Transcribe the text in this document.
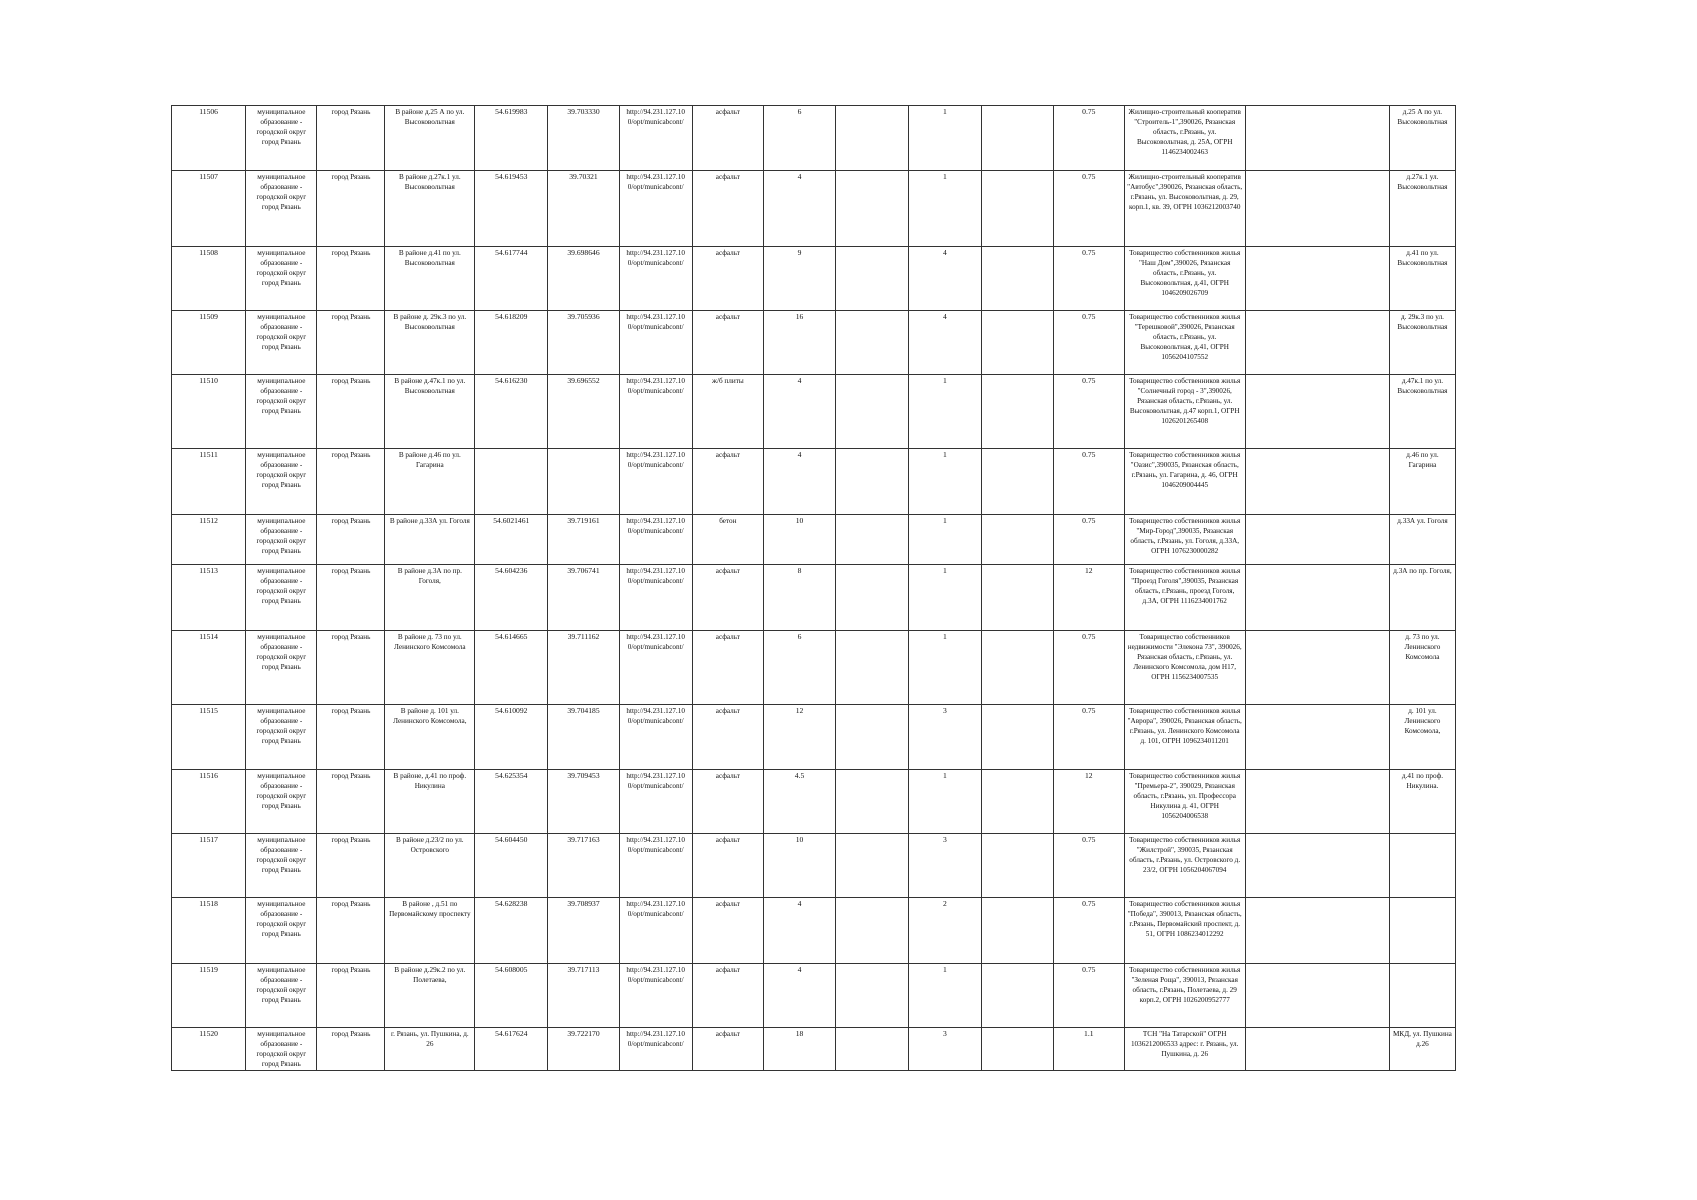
11506	муниципальное образование - городской округ город Рязань	город Рязань	В районе д.25 А по ул. Высоковольтная	54.619983	39.703330	http://94.231.127.10 0/opt/municabcont/	асфальт	6		1		0.75	Жилищно-строительный кооператив "Строитель-1",390026, Рязанская область, г.Рязань, ул. Высоковольтная, д. 25А, ОГРН 1146234002463		д.25 А по ул. Высоковольтная
11507	муниципальное образование - городской округ город Рязань	город Рязань	В районе д.27к.1 ул. Высоковольтная	54.619453	39.70321	http://94.231.127.10 0/opt/municabcont/	асфальт	4		1		0.75	Жилищно-строительный кооператив "Автобус",390026, Рязанская область, г.Рязань, ул. Высоковольтная, д. 29, корп.1, кв. 39, ОГРН 1036212003740		д.27к.1 ул. Высоковольтная
11508	муниципальное образование - городской округ город Рязань	город Рязань	В районе д.41 по ул. Высоковольтная	54.617744	39.698646	http://94.231.127.10 0/opt/municabcont/	асфальт	9		4		0.75	Товарищество собственников жилья "Наш Дом",390026, Рязанская область, г.Рязань, ул. Высоковольтная, д.41, ОГРН 1046209026709		д.41 по ул. Высоковольтная
11509	муниципальное образование - городской округ город Рязань	город Рязань	В районе д. 29к.3 по ул. Высоковольтная	54.618209	39.705936	http://94.231.127.10 0/opt/municabcont/	асфальт	16		4		0.75	Товарищество собственников жилья "Терешковой",390026, Рязанская область, г.Рязань, ул. Высоковольтная, д.41, ОГРН 1056204107552		д. 29к.3 по ул. Высоковольтная
11510	муниципальное образование - городской округ город Рязань	город Рязань	В районе д.47к.1 по ул. Высоковольтная	54.616230	39.696552	http://94.231.127.10 0/opt/municabcont/	ж/б плиты	4		1		0.75	Товарищество собственников жилья "Солнечный город - 3",390026, Рязанская область, г.Рязань, ул. Высоковольтная, д.47 корп.1, ОГРН 1026201265408		д.47к.1 по ул. Высоковольтная
11511	муниципальное образование - городской округ город Рязань	город Рязань	В районе д.46 по ул. Гагарина			http://94.231.127.10 0/opt/municabcont/	асфальт	4		1		0.75	Товарищество собственников жилья "Оазис",390035, Рязанская область, г.Рязань, ул. Гагарина, д. 46, ОГРН 1046209004445		д.46 по ул. Гагарина
11512	муниципальное образование - городской округ город Рязань	город Рязань	В районе д.33А ул. Гоголя	54.6021461	39.719161	http://94.231.127.10 0/opt/municabcont/	бетон	10		1		0.75	Товарищество собственников жилья "Мир-Город",390035, Рязанская область, г.Рязань, ул. Гоголя, д.33А, ОГРН 1076230000282		д.33А ул. Гоголя
11513	муниципальное образование - городской округ город Рязань	город Рязань	В районе д.3А по пр. Гоголя,	54.604236	39.706741	http://94.231.127.10 0/opt/municabcont/	асфальт	8		1		12	Товарищество собственников жилья "Проезд Гоголя",390035, Рязанская область, г.Рязань, проезд Гоголя, д.3А, ОГРН 1116234001762		д.3А по пр. Гоголя,
11514	муниципальное образование - городской округ город Рязань	город Рязань	В районе д. 73 по ул. Ленинского Комсомола	54.614665	39.711162	http://94.231.127.10 0/opt/municabcont/	асфальт	6		1		0.75	Товарищество собственников недвижимости "Элекона 73", 390026, Рязанская область, г.Рязань, ул. Ленинского Комсомола, дом Н17, ОГРН 1156234007535		д. 73 по ул. Ленинского Комсомола
11515	муниципальное образование - городской округ город Рязань	город Рязань	В районе д. 101 ул. Ленинского Комсомола,	54.610092	39.704185	http://94.231.127.10 0/opt/municabcont/	асфальт	12		3		0.75	Товарищество собственников жилья "Аврора", 390026, Рязанская область, г.Рязань, ул. Ленинского Комсомола д. 101, ОГРН 1096234011201		д. 101 ул. Ленинского Комсомола,
11516	муниципальное образование - городской округ город Рязань	город Рязань	В районе, д.41 по проф. Никулина	54.625354	39.709453	http://94.231.127.10 0/opt/municabcont/	асфальт	4.5		1		12	Товарищество собственников жилья "Премьера-2", 390029, Рязанская область, г.Рязань, ул. Профессора Никулина д. 41, ОГРН 1056204006538		д.41 по проф. Никулина.
11517	муниципальное образование - городской округ город Рязань	город Рязань	В районе д.23/2 по ул. Островского	54.604450	39.717163	http://94.231.127.10 0/opt/municabcont/	асфальт	10		3		0.75	Товарищество собственников жилья "Жилстрой", 390035, Рязанская область, г.Рязань, ул. Островского д. 23/2, ОГРН 1056204067094		
11518	муниципальное образование - городской округ город Рязань	город Рязань	В районе , д.51 по Первомайскому проспекту	54.628238	39.708937	http://94.231.127.10 0/opt/municabcont/	асфальт	4		2		0.75	Товарищество собственников жилья "Победа", 390013, Рязанская область, г.Рязань, Первомайский проспект, д. 51, ОГРН 1086234012292		
11519	муниципальное образование - городской округ город Рязань	город Рязань	В районе д.29к.2 по ул. Полетаева,	54.608005	39.717113	http://94.231.127.10 0/opt/municabcont/	асфальт	4		1		0.75	Товарищество собственников жилья "Зеленая Роща", 390013, Рязанская область, г.Рязань, Полетаева, д. 29 корп.2, ОГРН 1026200952777		
11520	муниципальное образование - городской округ город Рязань	город Рязань	г. Рязань, ул. Пушкина, д. 26	54.617624	39.722170	http://94.231.127.10 0/opt/municabcont/	асфальт	18		3		1.1	ТСН "На Татарской" ОГРН 1036212006533 адрес: г. Рязань, ул. Пушкина, д. 26		МКД, ул. Пушкина д.26
